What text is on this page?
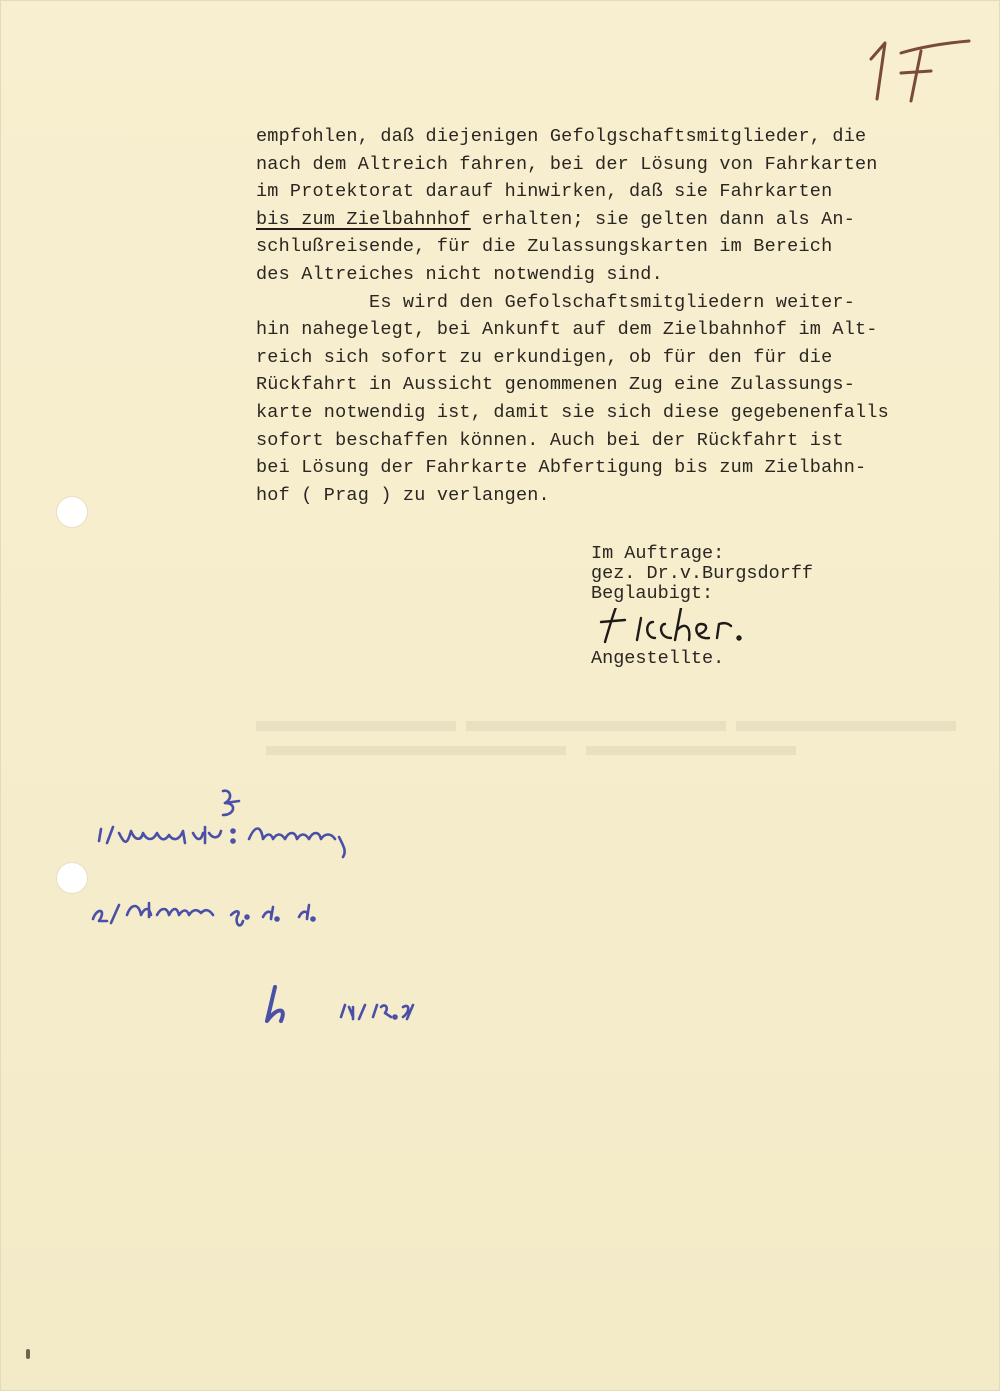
empfohlen, daß diejenigen Gefolgschaftsmitglieder, die
nach dem Altreich fahren, bei der Lösung von Fahrkarten
im Protektorat darauf hinwirken, daß sie Fahrkarten
bis zum Zielbahnhof erhalten; sie gelten dann als An-
schlußreisende, für die Zulassungskarten im Bereich
des Altreiches nicht notwendig sind.
Es wird den Gefolschaftsmitgliedern weiter-
hin nahegelegt, bei Ankunft auf dem Zielbahnhof im Alt-
reich sich sofort zu erkundigen, ob für den für die
Rückfahrt in Aussicht genommenen Zug eine Zulassungs-
karte notwendig ist, damit sie sich diese gegebenenfalls
sofort beschaffen können. Auch bei der Rückfahrt ist
bei Lösung der Fahrkarte Abfertigung bis zum Zielbahn-
hof ( Prag ) zu verlangen.
Im Auftrage:
gez. Dr.v.Burgsdorff
Beglaubigt:
Angestellte.
